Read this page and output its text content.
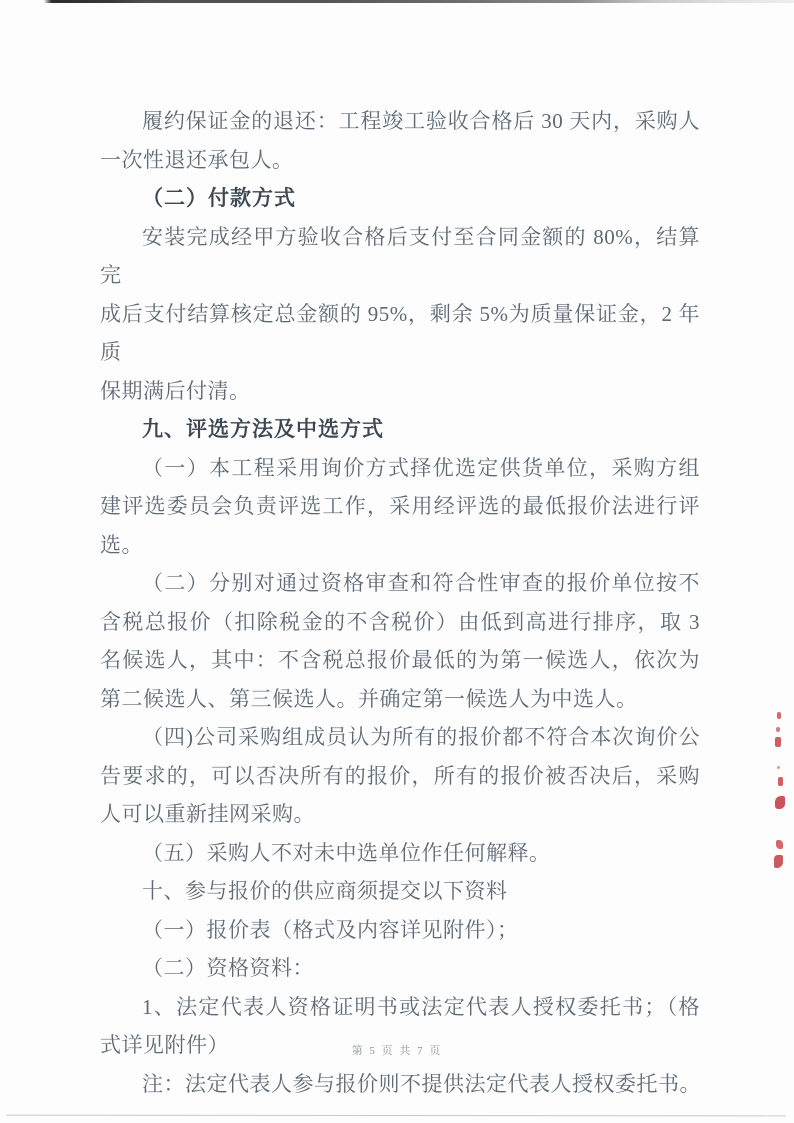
履约保证金的退还：工程竣工验收合格后 30 天内，采购人
一次性退还承包人。
（二）付款方式
安装完成经甲方验收合格后支付至合同金额的 80%，结算完
成后支付结算核定总金额的 95%，剩余 5%为质量保证金，2 年质
保期满后付清。
九、评选方法及中选方式
（一）本工程采用询价方式择优选定供货单位，采购方组
建评选委员会负责评选工作，采用经评选的最低报价法进行评
选。
（二）分别对通过资格审查和符合性审查的报价单位按不
含税总报价（扣除税金的不含税价）由低到高进行排序，取 3
名候选人，其中：不含税总报价最低的为第一候选人，依次为
第二候选人、第三候选人。并确定第一候选人为中选人。
（四)公司采购组成员认为所有的报价都不符合本次询价公
告要求的，可以否决所有的报价，所有的报价被否决后，采购
人可以重新挂网采购。
（五）采购人不对未中选单位作任何解释。
十、参与报价的供应商须提交以下资料
（一）报价表（格式及内容详见附件）；
（二）资格资料：
1、法定代表人资格证明书或法定代表人授权委托书；（格
式详见附件）
注：法定代表人参与报价则不提供法定代表人授权委托书。
第 5 页 共 7 页
